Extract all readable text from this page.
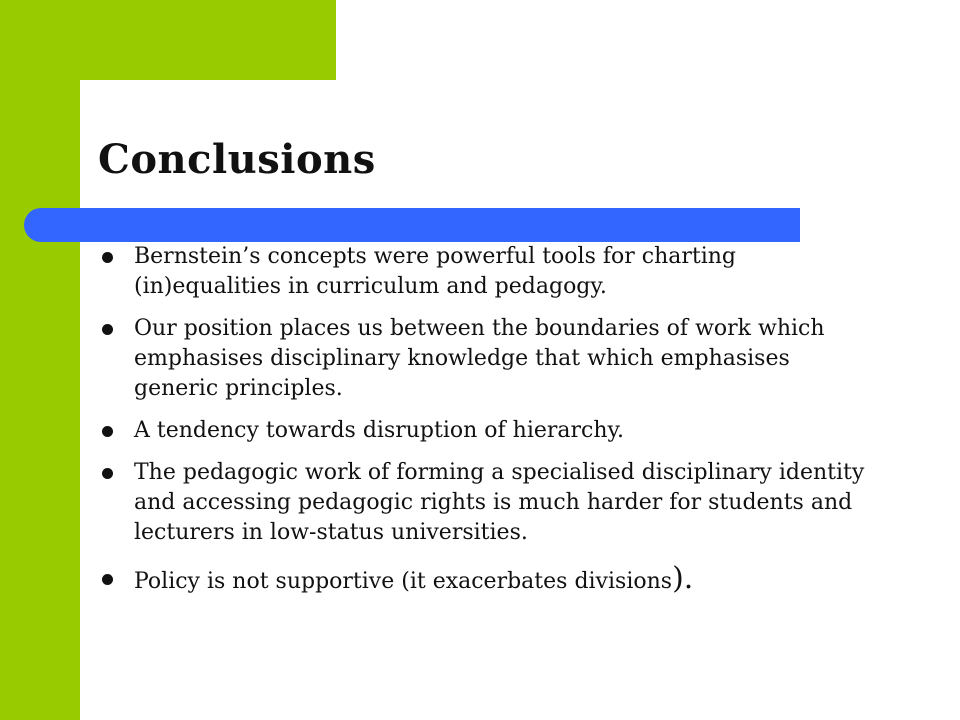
Conclusions
Bernstein’s concepts were powerful tools for charting (in)equalities in curriculum and pedagogy.
Our position places us between the boundaries of work which emphasises disciplinary knowledge that which emphasises generic principles.
A tendency towards disruption of hierarchy.
The pedagogic work of forming a specialised disciplinary identity and accessing pedagogic rights is much harder for students and lecturers in low-status universities.
Policy is not supportive (it exacerbates divisions).
